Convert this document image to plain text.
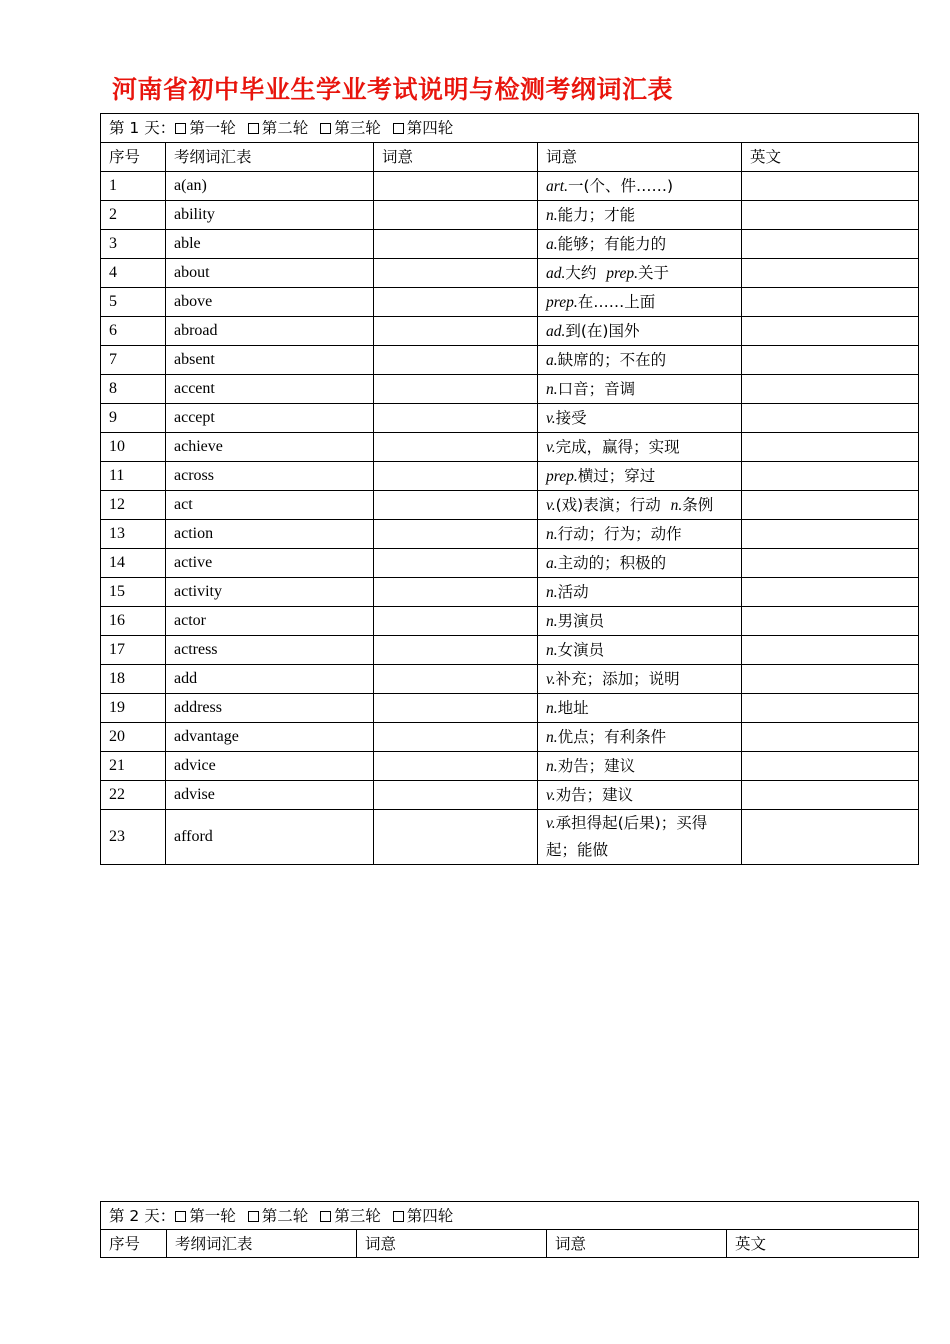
河南省初中毕业生学业考试说明与检测考纲词汇表
第 1 天： 第一轮 第二轮 第三轮 第四轮				
序号	考纲词汇表	词意	词意	英文
1	a(an)		art.一(个、件……)	
2	ability		n.能力；才能	
3	able		a.能够；有能力的	
4	about		ad.大约 prep.关于	
5	above		prep.在……上面	
6	abroad		ad.到(在)国外	
7	absent		a.缺席的；不在的	
8	accent		n.口音；音调	
9	accept		v.接受	
10	achieve		v.完成，赢得；实现	
11	across		prep.横过；穿过	
12	act		v.(戏)表演；行动 n.条例	
13	action		n.行动；行为；动作	
14	active		a.主动的；积极的	
15	activity		n.活动	
16	actor		n.男演员	
17	actress		n.女演员	
18	add		v.补充；添加；说明	
19	address		n.地址	
20	advantage		n.优点；有利条件	
21	advice		n.劝告；建议	
22	advise		v.劝告；建议	
23	afford		v.承担得起(后果)；买得起；能做	
第 2 天： 第一轮 第二轮 第三轮 第四轮
序号	考纲词汇表	词意	词意	英文
